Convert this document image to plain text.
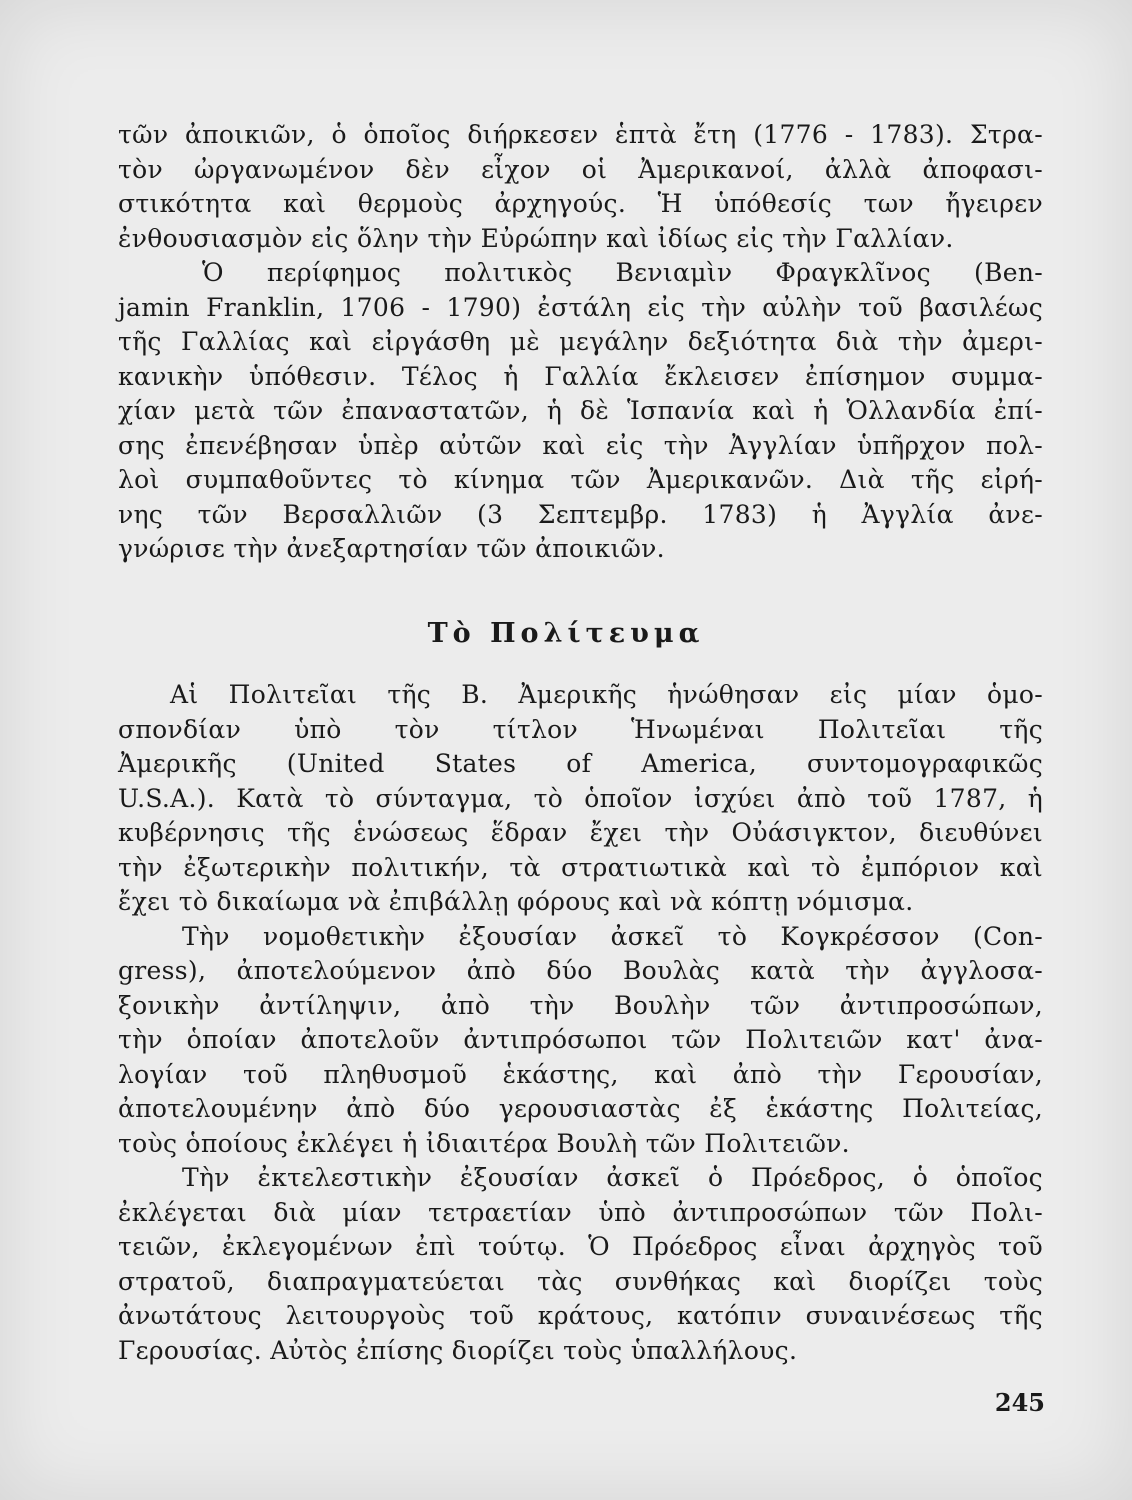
τῶν ἀποικιῶν, ὁ ὁποῖος διήρκεσεν ἑπτὰ ἔτη (1776 - 1783). Στρα-
τὸν ὠργανωμένον δὲν εἶχον οἱ Ἀμερικανοί, ἀλλὰ ἀποφασι-
στικότητα καὶ θερμοὺς ἀρχηγούς. Ἡ ὑπόθεσίς των ἤγειρεν
ἐνθουσιασμὸν εἰς ὅλην τὴν Εὐρώπην καὶ ἰδίως εἰς τὴν Γαλλίαν.
Ὁ περίφημος πολιτικὸς Βενιαμὶν Φραγκλῖνος (Ben-
jamin Franklin, 1706 - 1790) ἐστάλη εἰς τὴν αὐλὴν τοῦ βασιλέως
τῆς Γαλλίας καὶ εἰργάσθη μὲ μεγάλην δεξιότητα διὰ τὴν ἀμερι-
κανικὴν ὑπόθεσιν. Τέλος ἡ Γαλλία ἔκλεισεν ἐπίσημον συμμα-
χίαν μετὰ τῶν ἐπαναστατῶν, ἡ δὲ Ἱσπανία καὶ ἡ Ὁλλανδία ἐπί-
σης ἐπενέβησαν ὑπὲρ αὐτῶν καὶ εἰς τὴν Ἀγγλίαν ὑπῆρχον πολ-
λοὶ συμπαθοῦντες τὸ κίνημα τῶν Ἀμερικανῶν. Διὰ τῆς εἰρή-
νης τῶν Βερσαλλιῶν (3 Σεπτεμβρ. 1783) ἡ Ἀγγλία ἀνε-
γνώρισε τὴν ἀνεξαρτησίαν τῶν ἀποικιῶν.
Τὸ Πολίτευμα
Αἱ Πολιτεῖαι τῆς Β. Ἀμερικῆς ἡνώθησαν εἰς μίαν ὁμο-
σπονδίαν ὑπὸ τὸν τίτλον Ἡνωμέναι Πολιτεῖαι τῆς
Ἀμερικῆς (United States of America, συντομογραφικῶς
U.S.A.). Κατὰ τὸ σύνταγμα, τὸ ὁποῖον ἰσχύει ἀπὸ τοῦ 1787, ἡ
κυβέρνησις τῆς ἑνώσεως ἕδραν ἔχει τὴν Οὐάσιγκτον, διευθύνει
τὴν ἐξωτερικὴν πολιτικήν, τὰ στρατιωτικὰ καὶ τὸ ἐμπόριον καὶ
ἔχει τὸ δικαίωμα νὰ ἐπιβάλλῃ φόρους καὶ νὰ κόπτῃ νόμισμα.
Τὴν νομοθετικὴν ἐξουσίαν ἀσκεῖ τὸ Κογκρέσσον (Con-
gress), ἀποτελούμενον ἀπὸ δύο Βουλὰς κατὰ τὴν ἀγγλοσα-
ξονικὴν ἀντίληψιν, ἀπὸ τὴν Βουλὴν τῶν ἀντιπροσώπων,
τὴν ὁποίαν ἀποτελοῦν ἀντιπρόσωποι τῶν Πολιτειῶν κατ' ἀνα-
λογίαν τοῦ πληθυσμοῦ ἑκάστης, καὶ ἀπὸ τὴν Γερουσίαν,
ἀποτελουμένην ἀπὸ δύο γερουσιαστὰς ἐξ ἑκάστης Πολιτείας,
τοὺς ὁποίους ἐκλέγει ἡ ἰδιαιτέρα Βουλὴ τῶν Πολιτειῶν.
Τὴν ἐκτελεστικὴν ἐξουσίαν ἀσκεῖ ὁ Πρόεδρος, ὁ ὁποῖος
ἐκλέγεται διὰ μίαν τετραετίαν ὑπὸ ἀντιπροσώπων τῶν Πολι-
τειῶν, ἐκλεγομένων ἐπὶ τούτῳ. Ὁ Πρόεδρος εἶναι ἀρχηγὸς τοῦ
στρατοῦ, διαπραγματεύεται τὰς συνθήκας καὶ διορίζει τοὺς
ἀνωτάτους λειτουργοὺς τοῦ κράτους, κατόπιν συναινέσεως τῆς
Γερουσίας. Αὐτὸς ἐπίσης διορίζει τοὺς ὑπαλλήλους.
245
